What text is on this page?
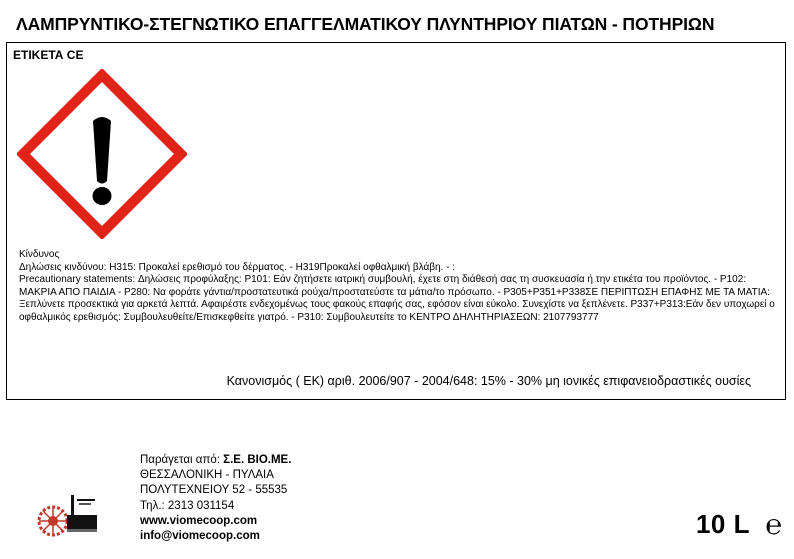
ΛΑΜΠΡΥΝΤΙΚΟ-ΣΤΕΓΝΩΤΙΚΟ ΕΠΑΓΓΕΛΜΑΤΙΚΟΥ ΠΛΥΝΤΗΡΙΟΥ ΠΙΑΤΩΝ - ΠΟΤΗΡΙΩΝ
ΕΤΙΚΕΤΑ CE
Κίνδυνος
Δηλώσεις κινδύνου: H315: Προκαλεί ερεθισμό του δέρματος. - H319Προκαλεί οφθαλμική βλάβη. - :
Precautionary statements: Δηλώσεις προφύλαξης: P101: Εάν ζητήσετε ιατρική συμβουλή, έχετε στη διάθεσή σας τη συσκευασία ή την ετικέτα του προϊόντος. - P102: ΜΑΚΡΙΑ ΑΠΟ ΠΑΙΔΙΑ - P280: Να φοράτε γάντια/προστατευτικά ρούχα/προστατεύστε τα μάτια/το πρόσωπο. - P305+P351+P338ΣΕ ΠΕΡΙΠΤΩΣΗ ΕΠΑΦΗΣ ΜΕ ΤΑ ΜΑΤΙΑ: Ξεπλύνετε προσεκτικά για αρκετά λεπτά. Αφαιρέστε ενδεχομένως τους φακούς επαφής σας, εφόσον είναι εύκολο. Συνεχίστε να ξεπλένετε. P337+P313:Εάν δεν υποχωρεί ο οφθαλμικός ερεθισμός: Συμβουλευθείτε/Επισκεφθείτε γιατρό. - P310: Συμβουλευτείτε το ΚΕΝΤΡΟ ΔΗΛΗΤΗΡΙΑΣΕΩΝ: 2107793777
Κανονισμός ( ΕΚ) αριθ. 2006/907 - 2004/648: 15% - 30% μη ιονικές επιφανειοδραστικές ουσίες
Παράγεται από: Σ.Ε. ΒΙΟ.ΜΕ.
ΘΕΣΣΑΛΟΝΙΚΗ - ΠΥΛΑΙΑ
ΠΟΛΥΤΕΧΝΕΙΟΥ 52 - 55535
Τηλ.: 2313 031154
www.viomecoop.com
info@viomecoop.com	10 L ℮
